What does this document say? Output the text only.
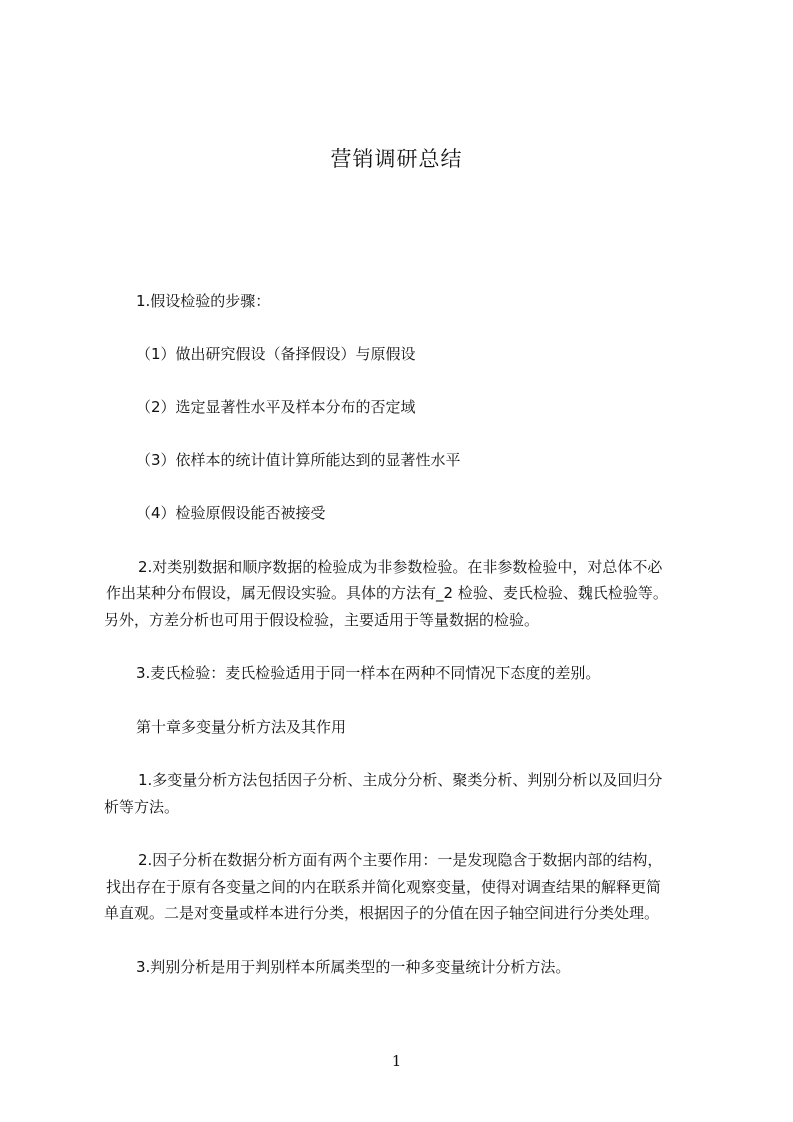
营销调研总结
1.假设检验的步骤：
（1）做出研究假设（备择假设）与原假设
（2）选定显著性水平及样本分布的否定域
（3）依样本的统计值计算所能达到的显著性水平
（4）检验原假设能否被接受
2.对类别数据和顺序数据的检验成为非参数检验。在非参数检验中，对总体不必
作出某种分布假设，属无假设实验。具体的方法有_2 检验、麦氏检验、魏氏检验等。
另外，方差分析也可用于假设检验，主要适用于等量数据的检验。
3.麦氏检验：麦氏检验适用于同一样本在两种不同情况下态度的差别。
第十章多变量分析方法及其作用
1.多变量分析方法包括因子分析、主成分分析、聚类分析、判别分析以及回归分
析等方法。
2.因子分析在数据分析方面有两个主要作用：一是发现隐含于数据内部的结构，
找出存在于原有各变量之间的内在联系并简化观察变量，使得对调查结果的解释更简
单直观。二是对变量或样本进行分类，根据因子的分值在因子轴空间进行分类处理。
3.判别分析是用于判别样本所属类型的一种多变量统计分析方法。
1
